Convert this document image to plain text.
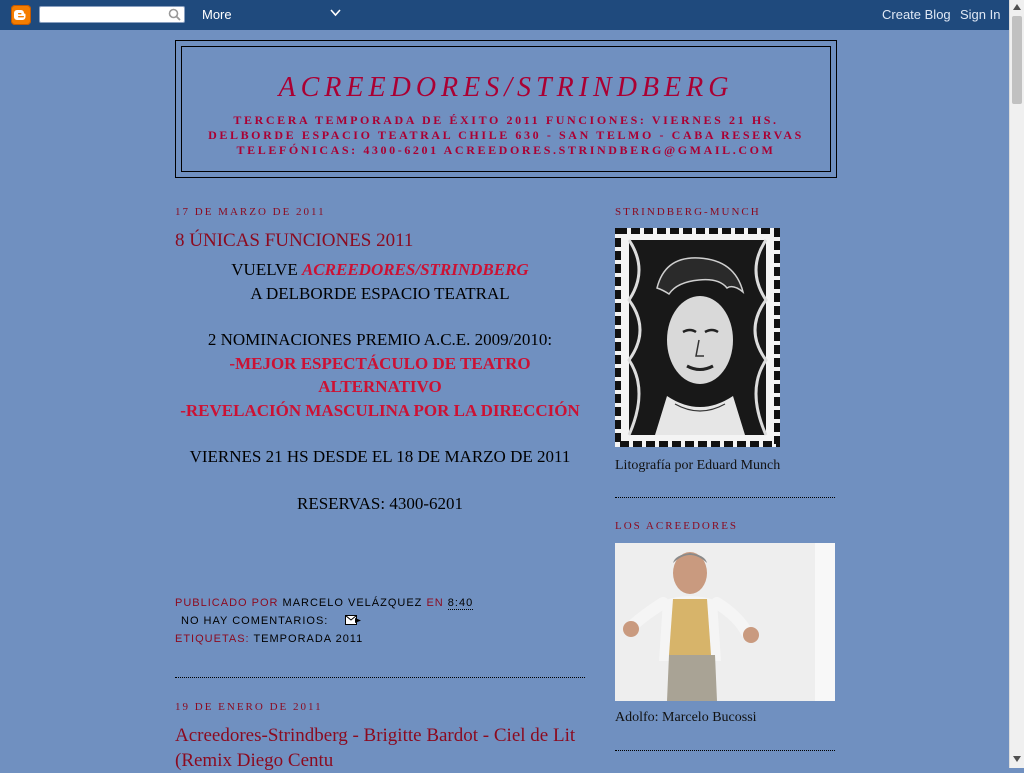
More	Create Blog Sign In
ACREEDORES/STRINDBERG
TERCERA TEMPORADA DE ÉXITO 2011 FUNCIONES: VIERNES 21 HS. DELBORDE ESPACIO TEATRAL CHILE 630 - SAN TELMO - CABA RESERVAS TELEFÓNICAS: 4300-6201 ACREEDORES.STRINDBERG@GMAIL.COM
17 DE MARZO DE 2011
8 ÚNICAS FUNCIONES 2011

VUELVE ACREEDORES/STRINDBERG

A DELBORDE ESPACIO TEATRAL

2 NOMINACIONES PREMIO A.C.E. 2009/2010:

-MEJOR ESPECTÁCULO DE TEATRO ALTERNATIVO

-REVELACIÓN MASCULINA POR LA DIRECCIÓN

VIERNES 21 HS DESDE EL 18 DE MARZO DE 2011

RESERVAS: 4300-6201

PUBLICADO POR MARCELO VELÁZQUEZ EN 8:40
NO HAY COMENTARIOS:
ETIQUETAS: TEMPORADA 2011
19 DE ENERO DE 2011
Acreedores-Strindberg - Brigitte Bardot - Ciel de Lit (Remix Diego Centu
STRINDBERG-MUNCH
Litografía por Eduard Munch
LOS ACREEDORES
Adolfo: Marcelo Bucossi
